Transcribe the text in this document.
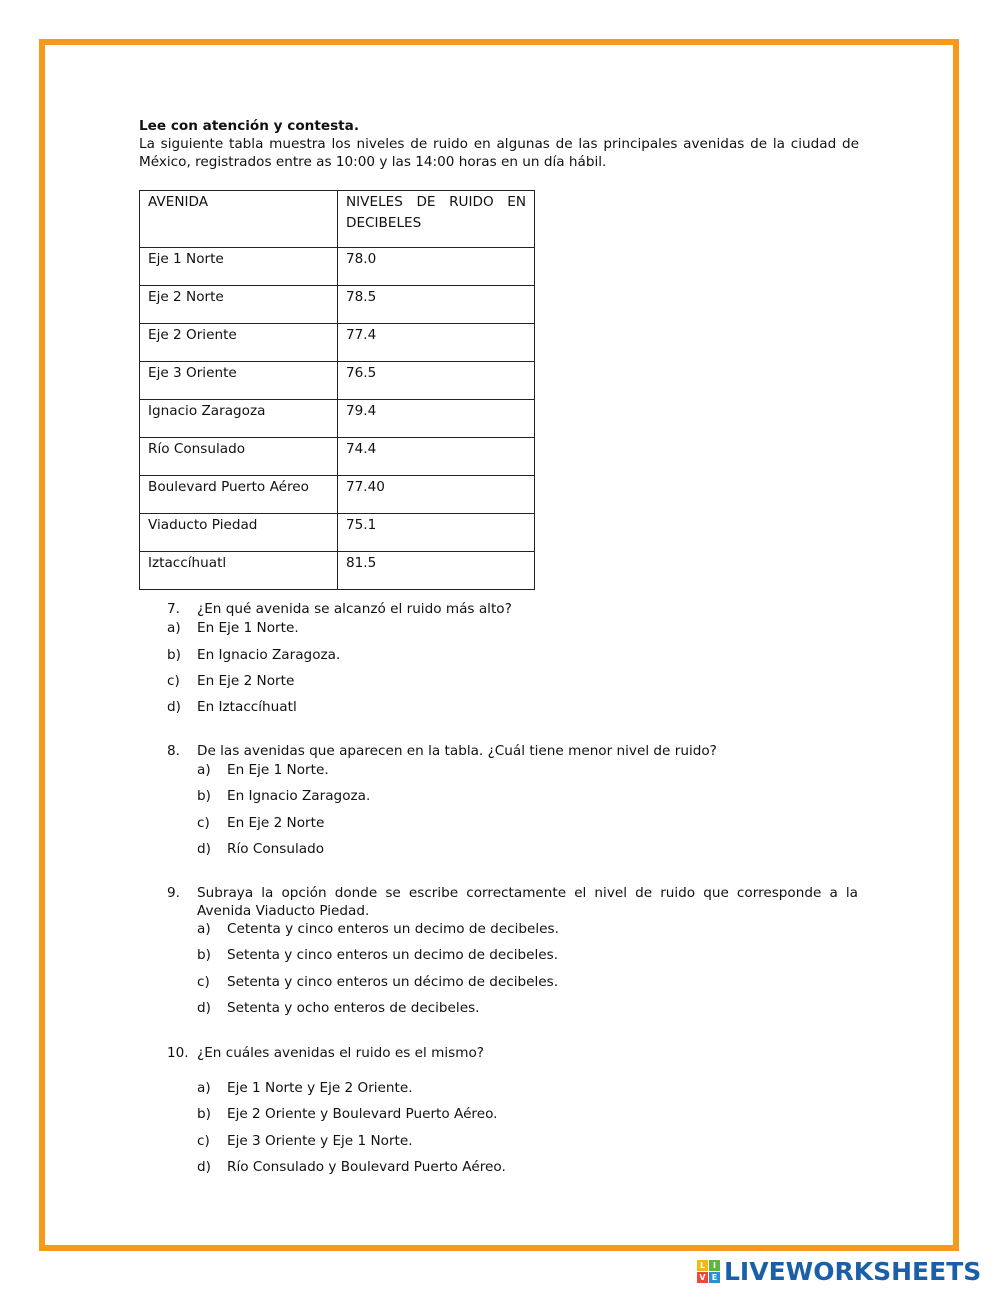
Lee con atención y contesta.

La siguiente tabla muestra los niveles de ruido en algunas de las principales avenidas de la ciudad de México, registrados entre as 10:00 y las 14:00 horas en un día hábil.

AVENIDA	NIVELES DE RUIDO EN DECIBELES
Eje 1 Norte	78.0
Eje 2 Norte	78.5
Eje 2 Oriente	77.4
Eje 3 Oriente	76.5
Ignacio Zaragoza	79.4
Río Consulado	74.4
Boulevard Puerto Aéreo	77.40
Viaducto Piedad	75.1
Iztaccíhuatl	81.5
7. ¿En qué avenida se alcanzó el ruido más alto?
a) En Eje 1 Norte.
b) En Ignacio Zaragoza.
c) En Eje 2 Norte
d) En Iztaccíhuatl
8. De las avenidas que aparecen en la tabla. ¿Cuál tiene menor nivel de ruido?
a) En Eje 1 Norte.
b) En Ignacio Zaragoza.
c) En Eje 2 Norte
d) Río Consulado
9. Subraya la opción donde se escribe correctamente el nivel de ruido que corresponde a la Avenida Viaducto Piedad.
a) Cetenta y cinco enteros un decimo de decibeles.
b) Setenta y cinco enteros un decimo de decibeles.
c) Setenta y cinco enteros un décimo de decibeles.
d) Setenta y ocho enteros de decibeles.
10. ¿En cuáles avenidas el ruido es el mismo?
a) Eje 1 Norte y Eje 2 Oriente.
b) Eje 2 Oriente y Boulevard Puerto Aéreo.
c) Eje 3 Oriente y Eje 1 Norte.
d) Río Consulado y Boulevard Puerto Aéreo.
L I
V E LIVEWORKSHEETS
